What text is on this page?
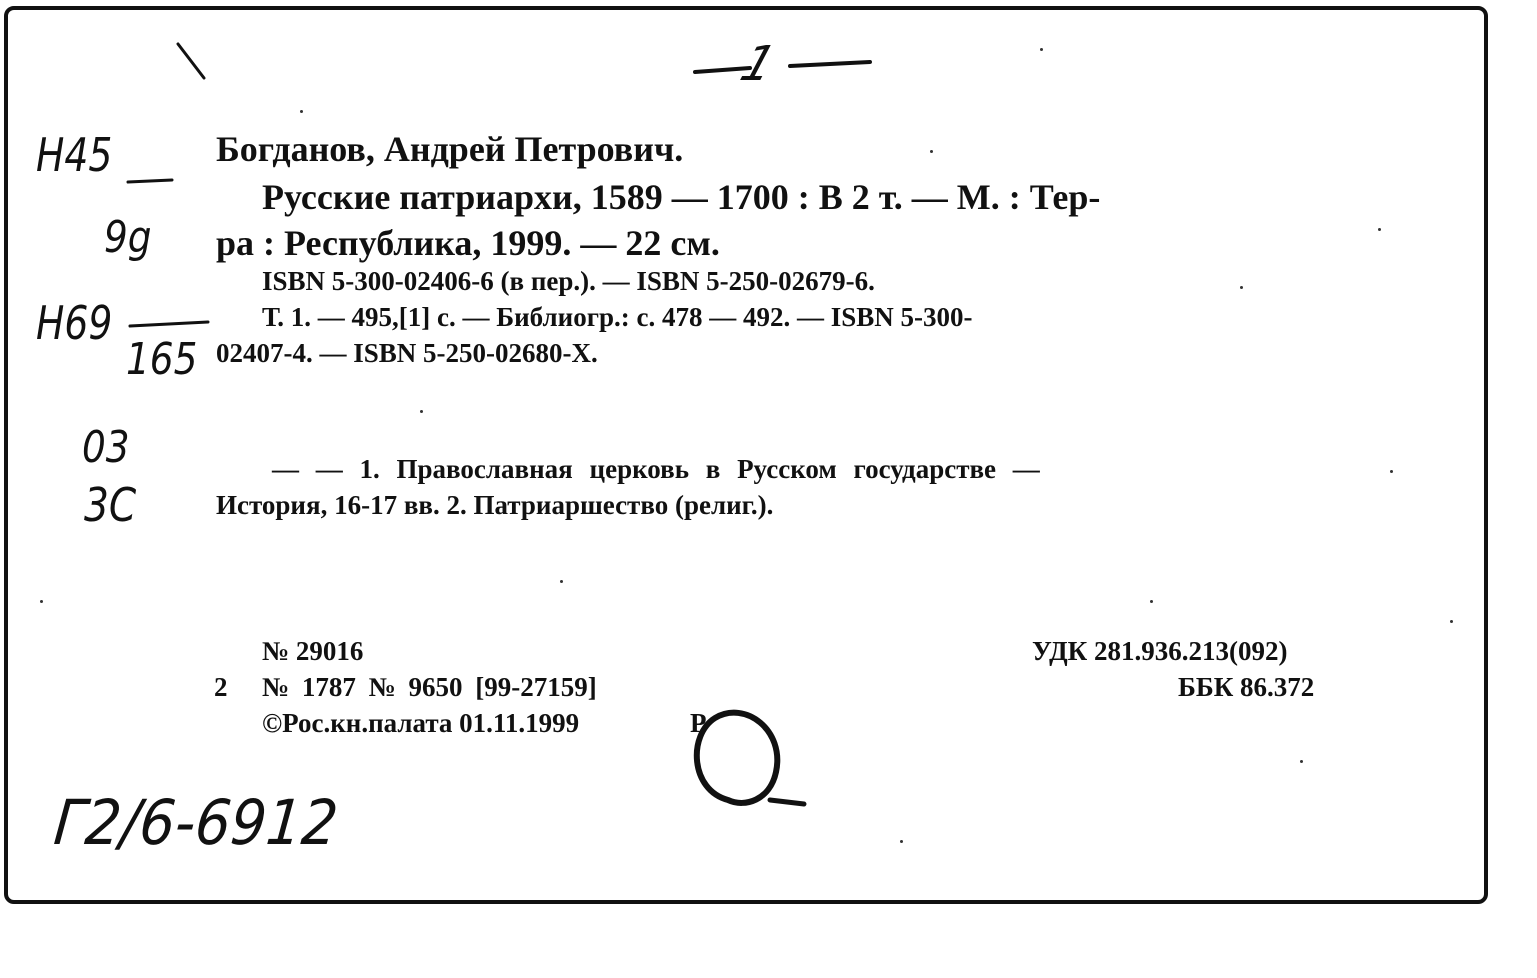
1
Н45
9g
Н69
165
03
3С
Богданов, Андрей Петрович.
Русские патриархи, 1589 — 1700 : В 2 т. — М. : Тер-
ра : Республика, 1999. — 22 см.
ISBN 5-300-02406-6 (в пер.). — ISBN 5-250-02679-6.
Т. 1. — 495,[1] с. — Библиогр.: с. 478 — 492. — ISBN 5-300-
02407-4. — ISBN 5-250-02680-X.
— — 1. Православная церковь в Русском государстве —
История, 16-17 вв. 2. Патриаршество (религ.).
№ 29016
2 № 1787 № 9650 [99-27159]
©Рос.кн.палата 01.11.1999	Р
УДК 281.936.213(092)
ББК 86.372
Г2/6-6912
